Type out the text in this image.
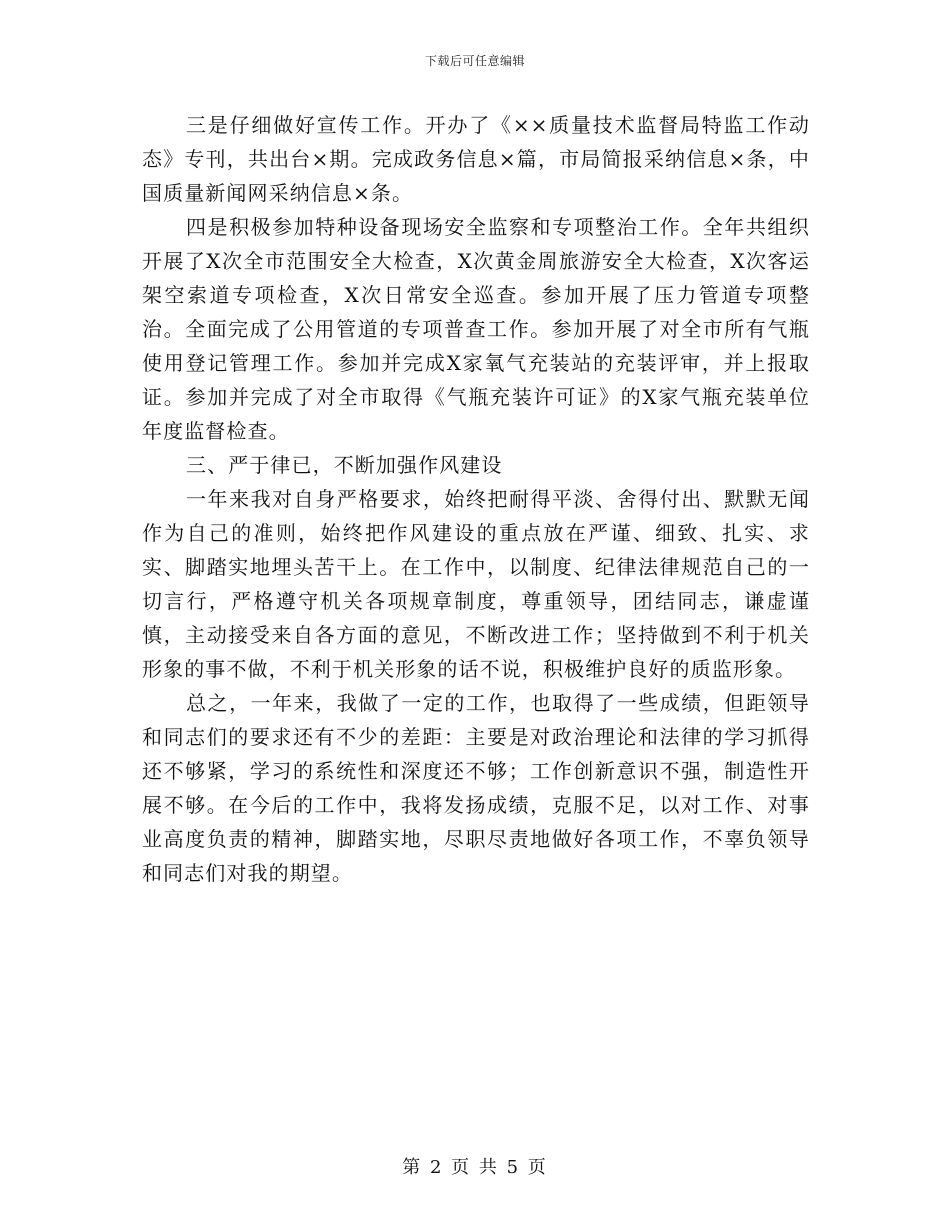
下载后可任意编辑

三是仔细做好宣传工作。开办了《××质量技术监督局特监工作动态》专刊，共出台×期。完成政务信息×篇，市局简报采纳信息×条，中国质量新闻网采纳信息×条。

四是积极参加特种设备现场安全监察和专项整治工作。全年共组织开展了X次全市范围安全大检查，X次黄金周旅游安全大检查，X次客运架空索道专项检查，X次日常安全巡查。参加开展了压力管道专项整治。全面完成了公用管道的专项普查工作。参加开展了对全市所有气瓶使用登记管理工作。参加并完成X家氧气充装站的充装评审，并上报取证。参加并完成了对全市取得《气瓶充装许可证》的X家气瓶充装单位年度监督检查。

三、严于律已，不断加强作风建设

一年来我对自身严格要求，始终把耐得平淡、舍得付出、默默无闻作为自己的准则，始终把作风建设的重点放在严谨、细致、扎实、求实、脚踏实地埋头苦干上。在工作中，以制度、纪律法律规范自己的一切言行，严格遵守机关各项规章制度，尊重领导，团结同志，谦虚谨慎，主动接受来自各方面的意见，不断改进工作；坚持做到不利于机关形象的事不做，不利于机关形象的话不说，积极维护良好的质监形象。

总之，一年来，我做了一定的工作，也取得了一些成绩，但距领导和同志们的要求还有不少的差距：主要是对政治理论和法律的学习抓得还不够紧，学习的系统性和深度还不够；工作创新意识不强，制造性开展不够。在今后的工作中，我将发扬成绩，克服不足，以对工作、对事业高度负责的精神，脚踏实地，尽职尽责地做好各项工作，不辜负领导和同志们对我的期望。

第 2 页 共 5 页
